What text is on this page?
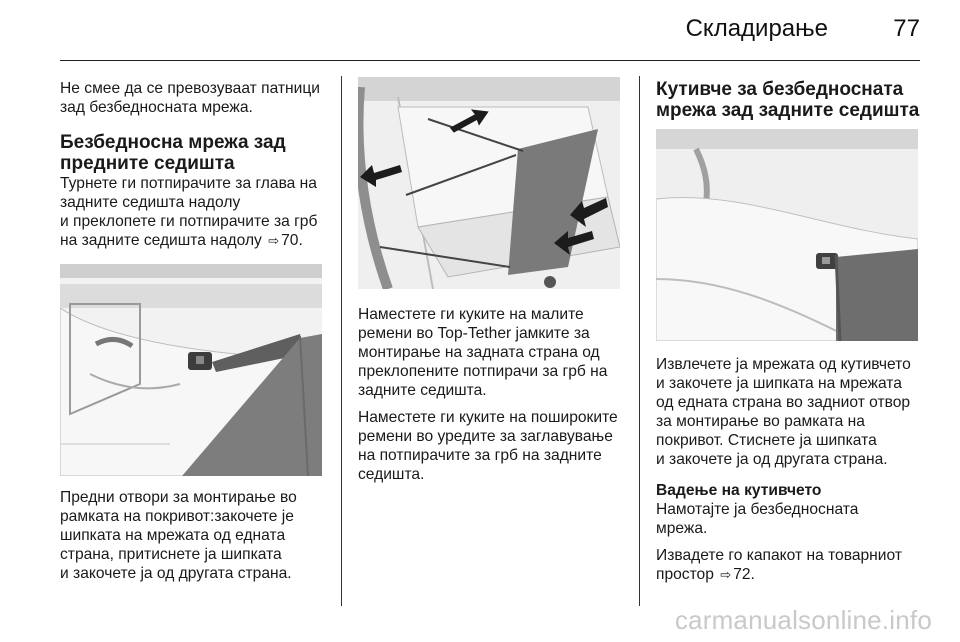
Складирање	77

Не смее да се превозуваат патници
зад безбедносната мрежа.

Безбедносна мрежа зад
предните седишта

Турнете ги потпирачите за глава на
задните седишта надолу
и преклопете ги потпирачите за грб
на задните седишта надолу ⇨ 70.

Предни отвори за монтирање во
рамката на покривот:закочете је
шипката на мрежата од едната
страна, притиснете ја шипката
и закочете ја од другата страна.

Наместете ги куките на малите
ремени во Top-Tether јамките за
монтирање на задната страна од
преклопените потпирачи за грб на
задните седишта.

Наместете ги куките на пошироките
ремени во уредите за заглавување
на потпирачите за грб на задните
седишта.

Кутивче за безбедносната
мрежа зад задните седишта

Извлечете ја мрежата од кутивчето
и закочете ја шипката на мрежата
од едната страна во задниот отвор
за монтирање во рамката на
покривот. Стиснете ја шипката
и закочете ја од другата страна.

Вадење на кутивчето

Намотајте ја безбедносната
мрежа.

Извадете го капакот на товарниот
простор ⇨ 72.

carmanualsonline.info
